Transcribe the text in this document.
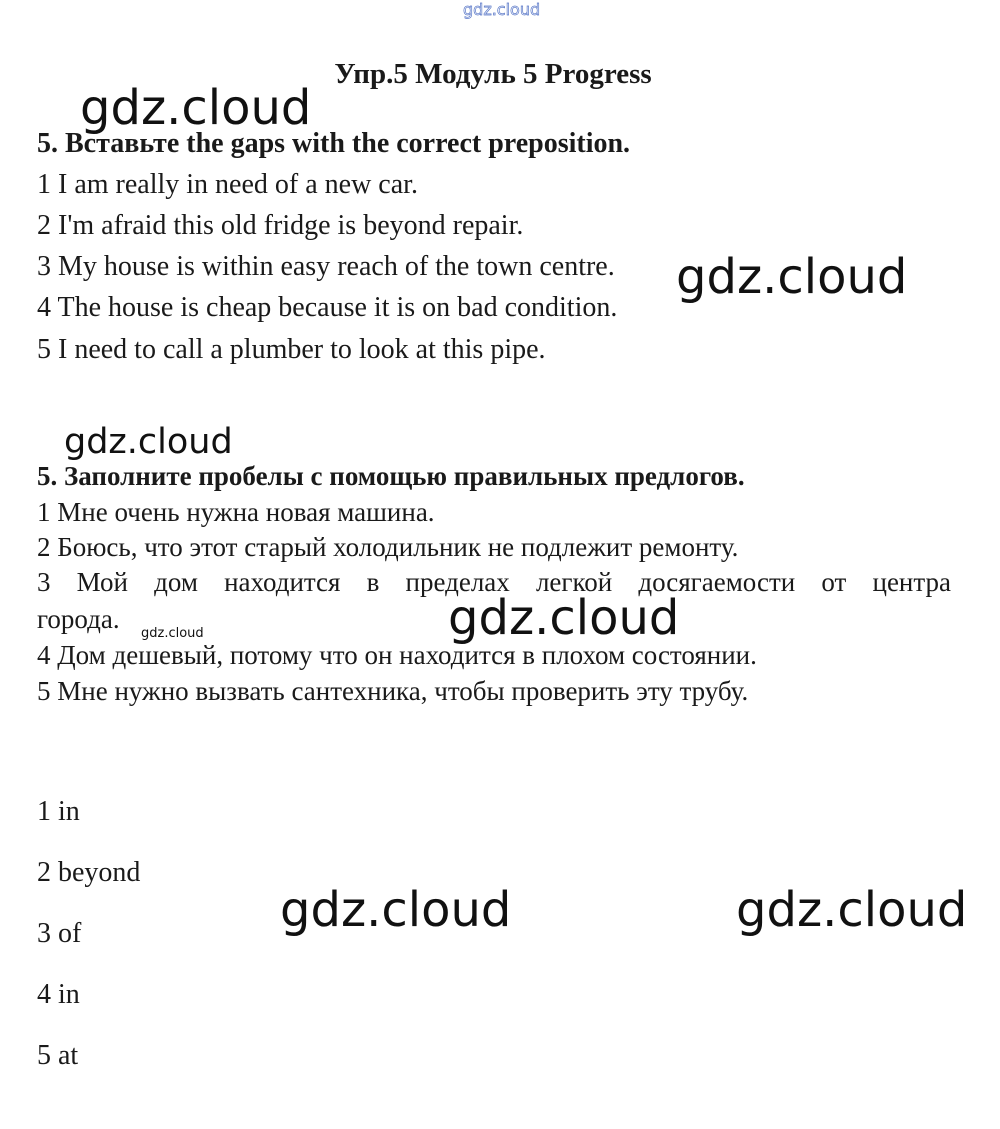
gdz.cloud
gdz.cloud
gdz.cloud
gdz.cloud
gdz.cloud	gdz.cloud
gdz.cloud	gdz.cloud
Упр.5 Модуль 5 Progress
5. Вставьте the gaps with the correct preposition.
1 I am really in need of a new car.
2 I'm afraid this old fridge is beyond repair.
3 My house is within easy reach of the town centre.
4 The house is cheap because it is on bad condition.
5 I need to call a plumber to look at this pipe.
5. Заполните пробелы с помощью правильных предлогов.
1 Мне очень нужна новая машина.
2 Боюсь, что этот старый холодильник не подлежит ремонту.
3 Мой дом находится в пределах легкой досягаемости от центра
города.
4 Дом дешевый, потому что он находится в плохом состоянии.
5 Мне нужно вызвать сантехника, чтобы проверить эту трубу.
1 in
2 beyond
3 of
4 in
5 at
